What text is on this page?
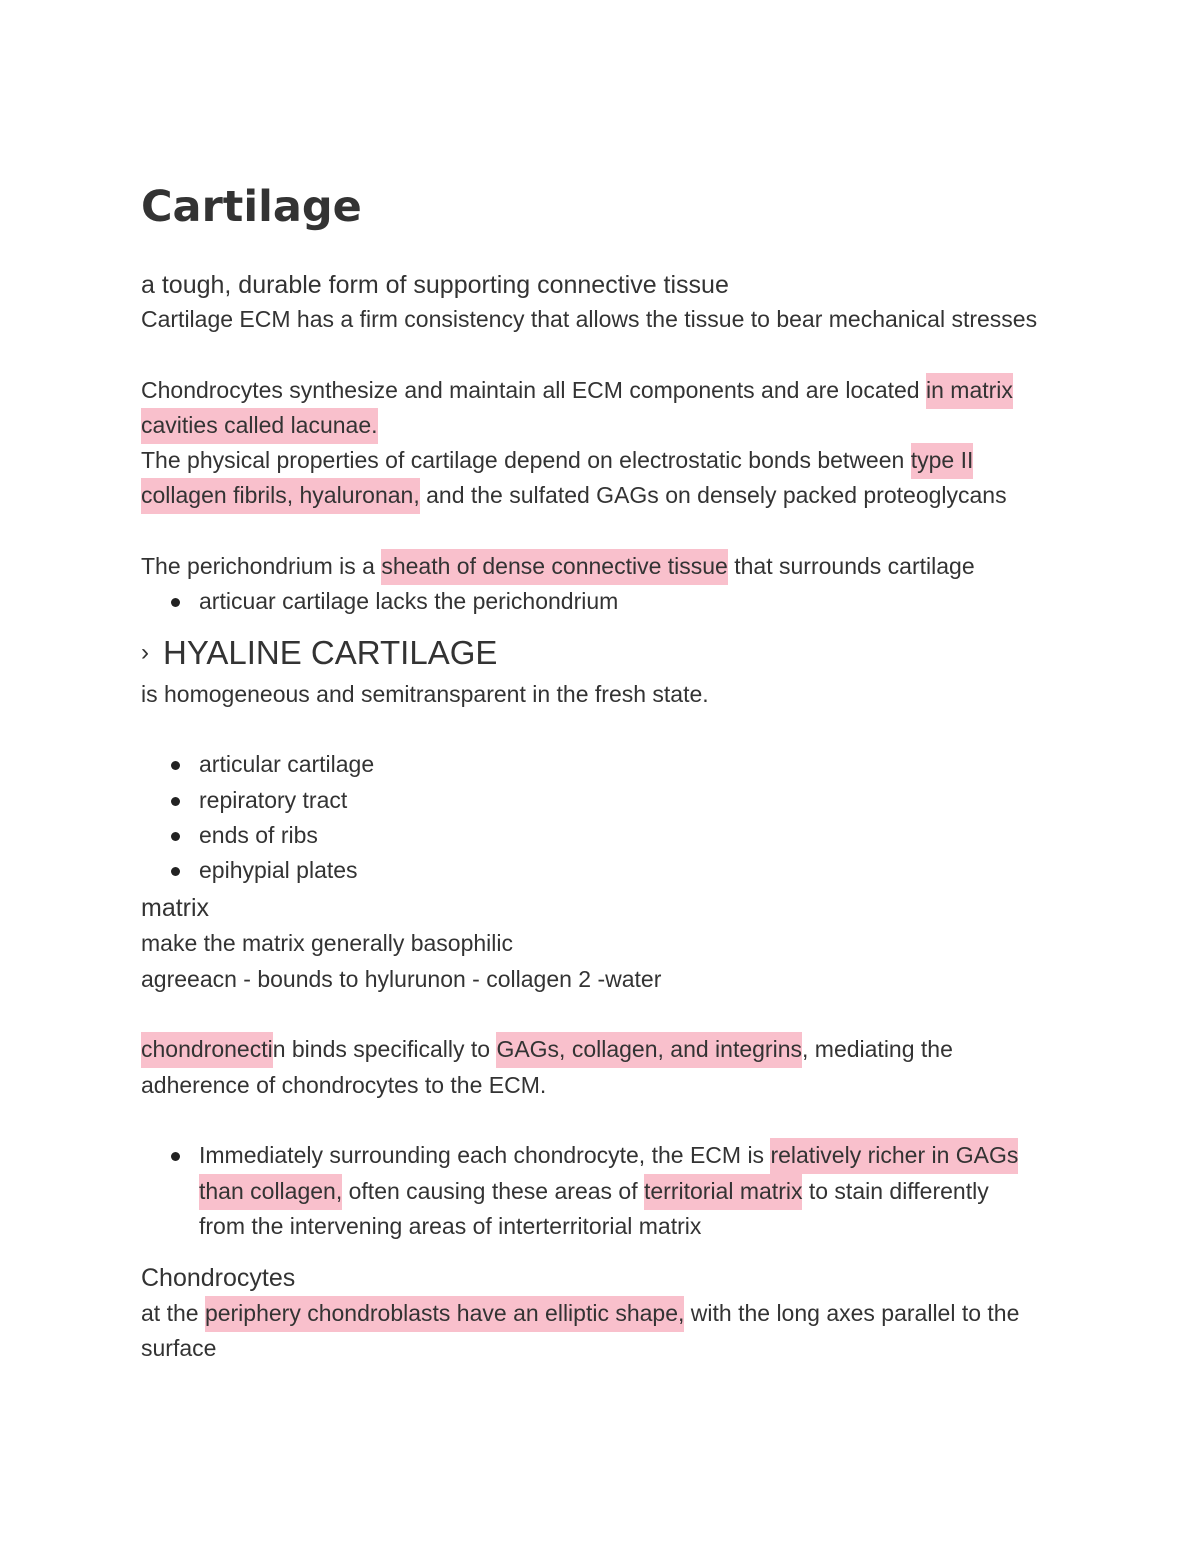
Cartilage

a tough, durable form of supporting connective tissue

Cartilage ECM has a firm consistency that allows the tissue to bear mechanical stresses

Chondrocytes synthesize and maintain all ECM components and are located in matrix
cavities called lacunae.

The physical properties of cartilage depend on electrostatic bonds between type II
collagen fibrils, hyaluronan, and the sulfated GAGs on densely packed proteoglycans

The perichondrium is a sheath of dense connective tissue that surrounds cartilage

articuar cartilage lacks the perichondrium
› HYALINE CARTILAGE

is homogeneous and semitransparent in the fresh state.

articular cartilage
repiratory tract
ends of ribs
epihypial plates

matrix

make the matrix generally basophilic

agreeacn - bounds to hylurunon - collagen 2 -water

chondronectin binds specifically to GAGs, collagen, and integrins, mediating the
adherence of chondrocytes to the ECM.

Immediately surrounding each chondrocyte, the ECM is relatively richer in GAGs
than collagen, often causing these areas of territorial matrix to stain differently
from the intervening areas of interterritorial matrix

Chondrocytes

at the periphery chondroblasts have an elliptic shape, with the long axes parallel to the
surface
